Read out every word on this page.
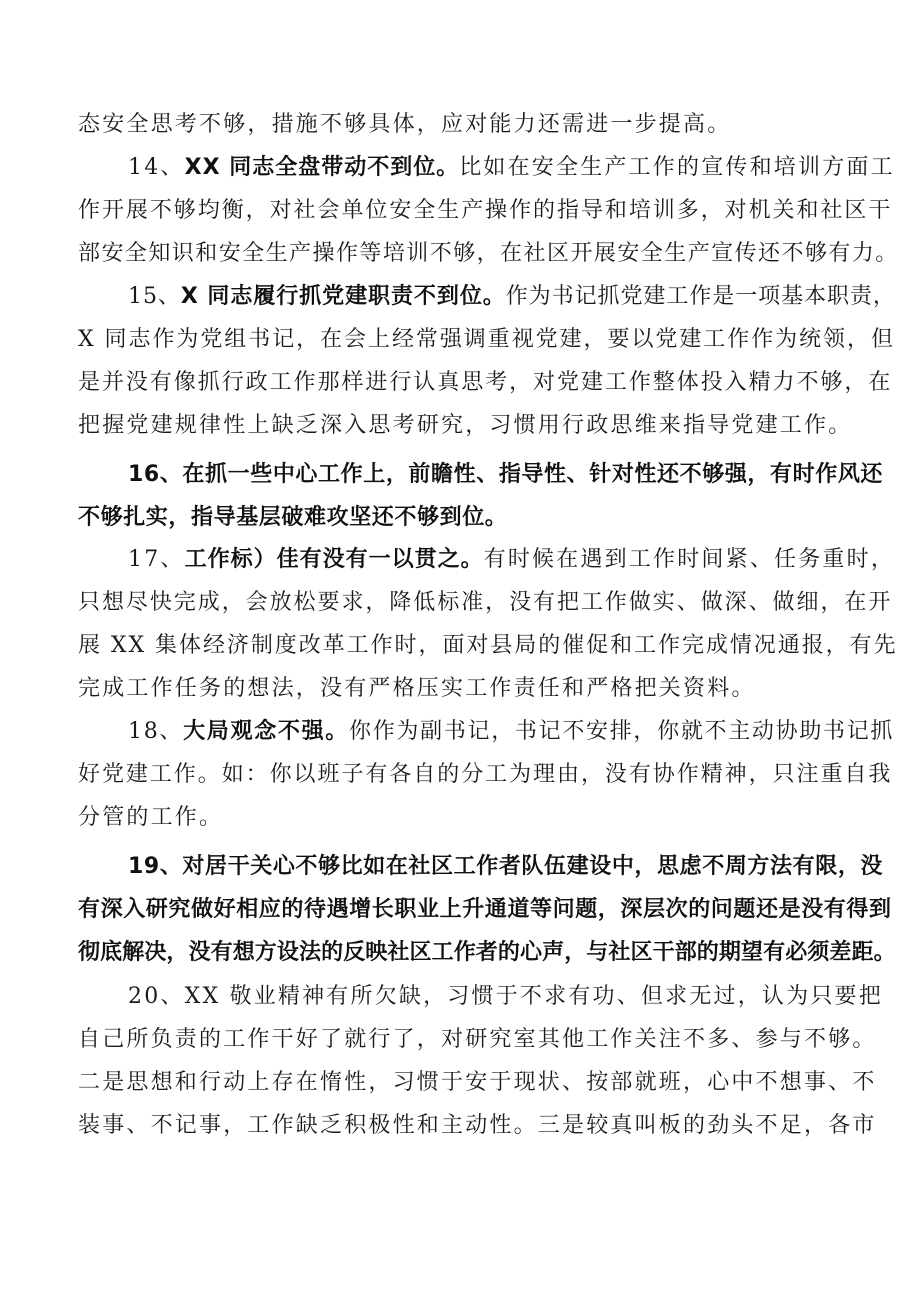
态安全思考不够，措施不够具体，应对能力还需进一步提高。
14、XX 同志全盘带动不到位。比如在安全生产工作的宣传和培训方面工
作开展不够均衡，对社会单位安全生产操作的指导和培训多，对机关和社区干
部安全知识和安全生产操作等培训不够，在社区开展安全生产宣传还不够有力。
15、X 同志履行抓党建职责不到位。作为书记抓党建工作是一项基本职责，
X 同志作为党组书记，在会上经常强调重视党建，要以党建工作作为统领，但
是并没有像抓行政工作那样进行认真思考，对党建工作整体投入精力不够，在
把握党建规律性上缺乏深入思考研究，习惯用行政思维来指导党建工作。
16、在抓一些中心工作上，前瞻性、指导性、针对性还不够强，有时作风还
不够扎实，指导基层破难攻坚还不够到位。
17、工作标）佳有没有一以贯之。有时候在遇到工作时间紧、任务重时，
只想尽快完成，会放松要求，降低标准，没有把工作做实、做深、做细，在开
展 XX 集体经济制度改革工作时，面对县局的催促和工作完成情况通报，有先
完成工作任务的想法，没有严格压实工作责任和严格把关资料。
18、大局观念不强。你作为副书记，书记不安排，你就不主动协助书记抓
好党建工作。如：你以班子有各自的分工为理由，没有协作精神，只注重自我
分管的工作。
19、对居干关心不够比如在社区工作者队伍建设中，思虑不周方法有限，没
有深入研究做好相应的待遇增长职业上升通道等问题，深层次的问题还是没有得到
彻底解决，没有想方设法的反映社区工作者的心声，与社区干部的期望有必须差距。
20、XX 敬业精神有所欠缺，习惯于不求有功、但求无过，认为只要把
自己所负责的工作干好了就行了，对研究室其他工作关注不多、参与不够。
二是思想和行动上存在惰性，习惯于安于现状、按部就班，心中不想事、不
装事、不记事，工作缺乏积极性和主动性。三是较真叫板的劲头不足，各市
